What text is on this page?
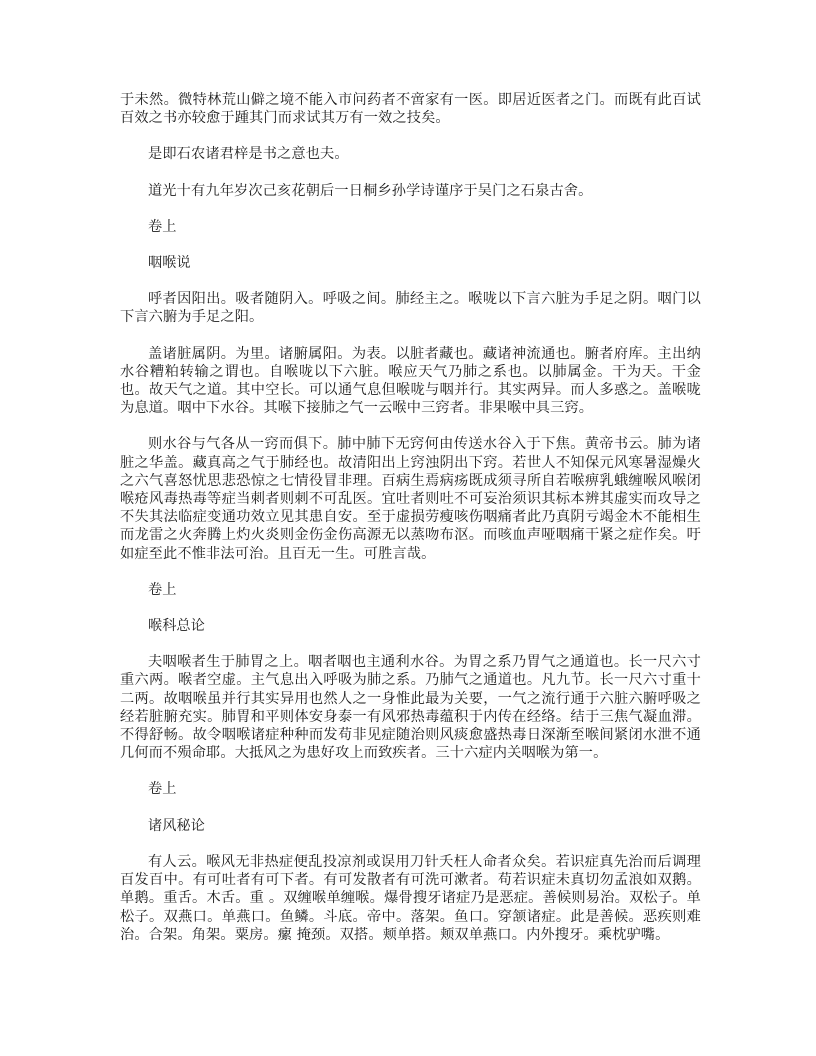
于未然。微特林荒山僻之境不能入市问药者不啻家有一医。即居近医者之门。而既有此百试百效之书亦较愈于踵其门而求试其万有一效之技矣。

是即石农诸君梓是书之意也夫。

道光十有九年岁次己亥花朝后一日桐乡孙学诗谨序于吴门之石泉古舍。

卷上

咽喉说

呼者因阳出。吸者随阴入。呼吸之间。肺经主之。喉咙以下言六脏为手足之阴。咽门以下言六腑为手足之阳。

盖诸脏属阴。为里。诸腑属阳。为表。以脏者藏也。藏诸神流通也。腑者府库。主出纳水谷糟粕转输之谓也。自喉咙以下六脏。喉应天气乃肺之系也。以肺属金。干为天。干金也。故天气之道。其中空长。可以通气息但喉咙与咽并行。其实两异。而人多惑之。盖喉咙为息道。咽中下水谷。其喉下接肺之气一云喉中三窍者。非果喉中具三窍。

则水谷与气各从一窍而俱下。肺中肺下无窍何由传送水谷入于下焦。黄帝书云。肺为诸脏之华盖。藏真高之气于肺经也。故清阳出上窍浊阴出下窍。若世人不知保元风寒暑湿燥火之六气喜怒忧思悲恐惊之七情役冒非理。百病生焉病疡既成须寻所自若喉痹乳蛾缠喉风喉闭喉疮风毒热毒等症当刺者则刺不可乱医。宜吐者则吐不可妄治须识其标本辨其虚实而攻导之不失其法临症变通功效立见其患自安。至于虚损劳瘦咳伤咽痛者此乃真阴亏竭金木不能相生而龙雷之火奔腾上灼火炎则金伤金伤高源无以蒸吻布沤。而咳血声哑咽痛干紧之症作矣。吁如症至此不惟非法可治。且百无一生。可胜言哉。

卷上

喉科总论

夫咽喉者生于肺胃之上。咽者咽也主通利水谷。为胃之系乃胃气之通道也。长一尺六寸重六两。喉者空虚。主气息出入呼吸为肺之系。乃肺气之通道也。凡九节。长一尺六寸重十二两。故咽喉虽并行其实异用也然人之一身惟此最为关要，一气之流行通于六脏六腑呼吸之经若脏腑充实。肺胃和平则体安身泰一有风邪热毒蕴积于内传在经络。结于三焦气凝血滞。不得舒畅。故令咽喉诸症种种而发苟非见症随治则风痰愈盛热毒日深渐至喉间紧闭水泄不通几何而不殒命耶。大抵风之为患好攻上而致疾者。三十六症内关咽喉为第一。

卷上

诸风秘论

有人云。喉风无非热症便乱投凉剂或误用刀针夭枉人命者众矣。若识症真先治而后调理百发百中。有可吐者有可下者。有可发散者有可洗可漱者。苟若识症未真切勿孟浪如双鹅。单鹅。重舌。木舌。重 。双缠喉单缠喉。爆骨搜牙诸症乃是恶症。善候则易治。双松子。单松子。双燕口。单燕口。鱼鳞。斗底。帝中。落架。鱼口。穿颔诸症。此是善候。恶疾则难治。合架。角架。粟房。瘰 掩颈。双搭。颊单搭。颊双单燕口。内外搜牙。乘枕驴嘴。
